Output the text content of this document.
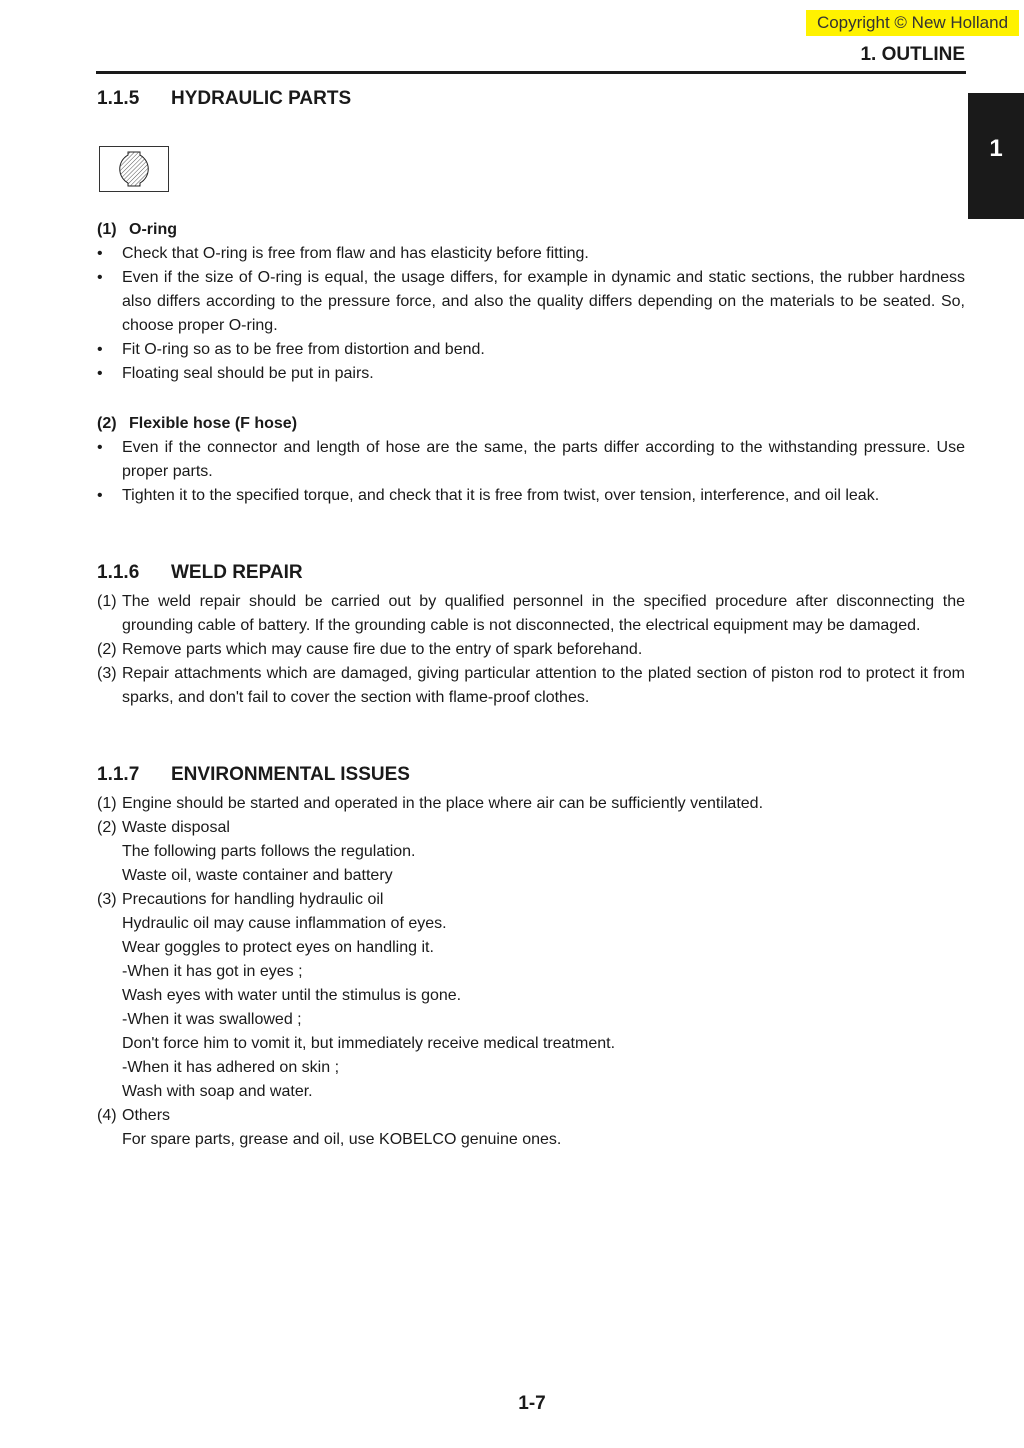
Copyright © New Holland
1. OUTLINE
1
1.1.5 HYDRAULIC PARTS
(1) O-ring
• Check that O-ring is free from flaw and has elasticity before fitting.
• Even if the size of O-ring is equal, the usage differs, for example in dynamic and static sections, the rubber hardness also differs according to the pressure force, and also the quality differs depending on the materials to be seated. So, choose proper O-ring.
• Fit O-ring so as to be free from distortion and bend.
• Floating seal should be put in pairs.
(2) Flexible hose (F hose)
• Even if the connector and length of hose are the same, the parts differ according to the withstanding pressure. Use proper parts.
• Tighten it to the specified torque, and check that it is free from twist, over tension, interference, and oil leak.
1.1.6 WELD REPAIR
(1) The weld repair should be carried out by qualified personnel in the specified procedure after disconnecting the grounding cable of battery. If the grounding cable is not disconnected, the electrical equipment may be damaged.
(2) Remove parts which may cause fire due to the entry of spark beforehand.
(3) Repair attachments which are damaged, giving particular attention to the plated section of piston rod to protect it from sparks, and don't fail to cover the section with flame-proof clothes.
1.1.7 ENVIRONMENTAL ISSUES
(1) Engine should be started and operated in the place where air can be sufficiently ventilated.
(2) Waste disposal
The following parts follows the regulation.
Waste oil, waste container and battery
(3) Precautions for handling hydraulic oil
Hydraulic oil may cause inflammation of eyes.
Wear goggles to protect eyes on handling it.
-When it has got in eyes ;
Wash eyes with water until the stimulus is gone.
-When it was swallowed ;
Don't force him to vomit it, but immediately receive medical treatment.
-When it has adhered on skin ;
Wash with soap and water.
(4) Others
For spare parts, grease and oil, use KOBELCO genuine ones.
1-7
